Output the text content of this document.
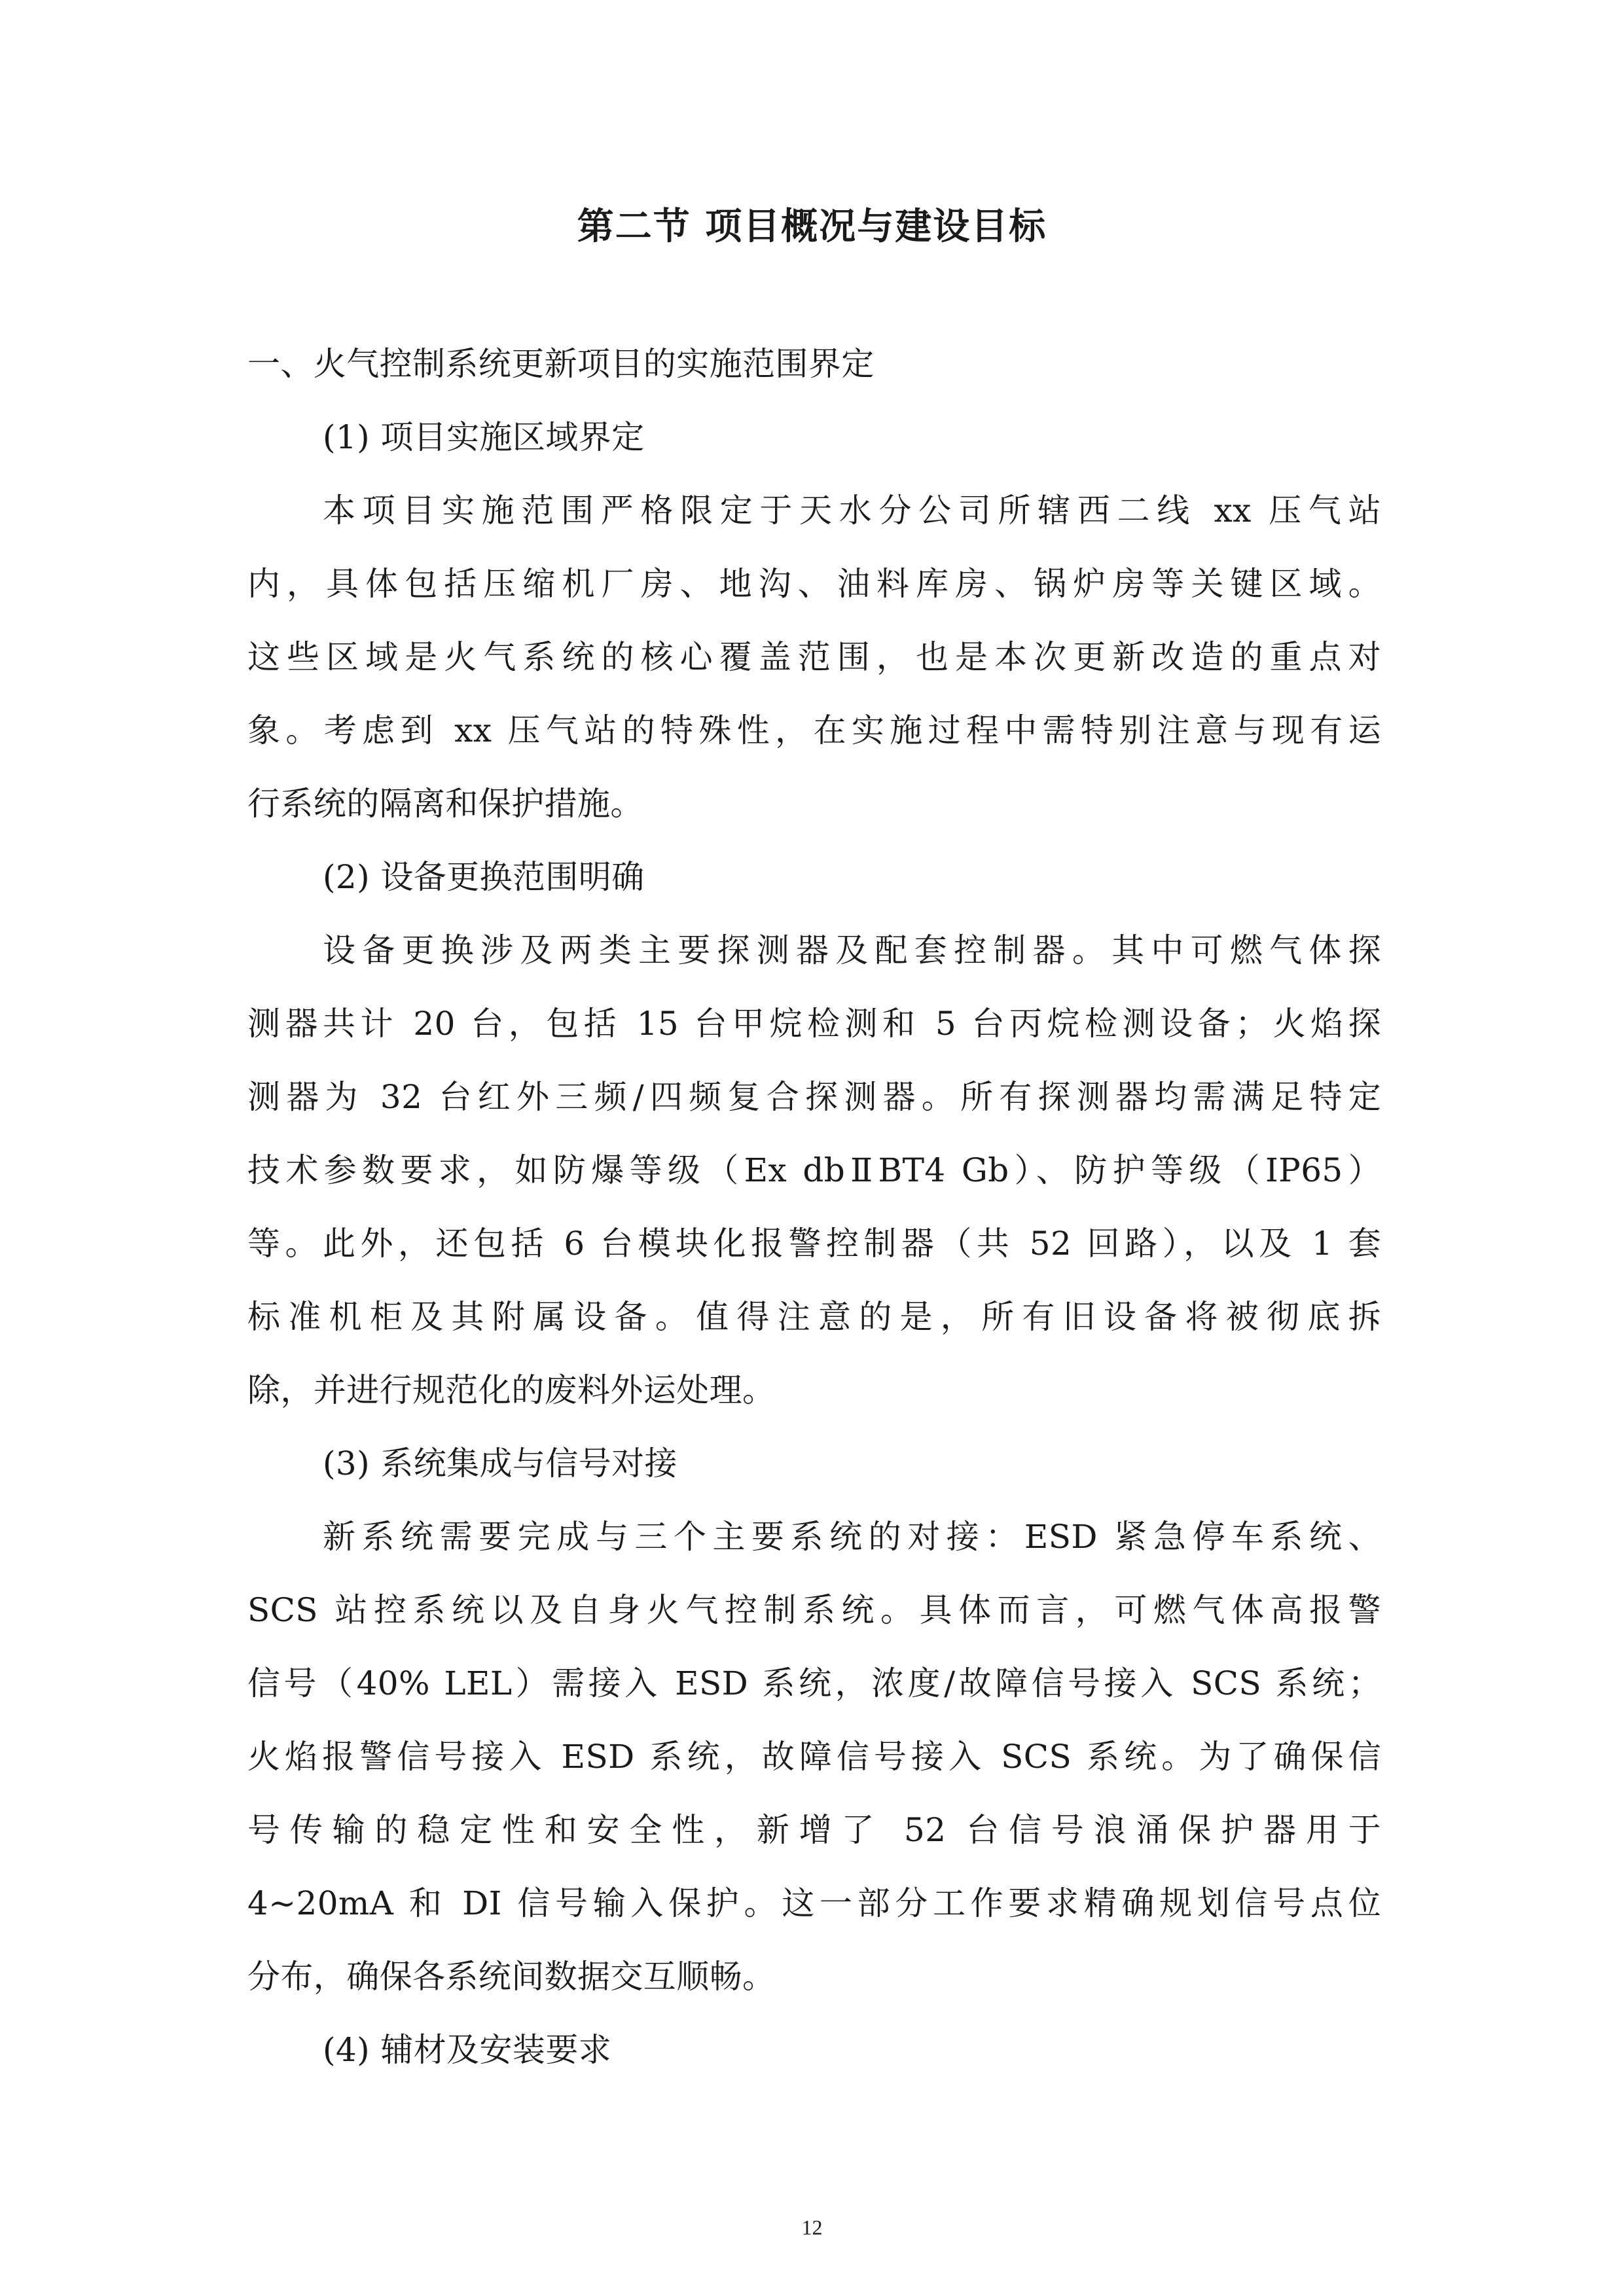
第二节 项目概况与建设目标
一、火气控制系统更新项目的实施范围界定
(1) 项目实施区域界定
本项目实施范围严格限定于天水分公司所辖西二线 xx 压气站
内，具体包括压缩机厂房、地沟、油料库房、锅炉房等关键区域。
这些区域是火气系统的核心覆盖范围，也是本次更新改造的重点对
象。考虑到 xx 压气站的特殊性，在实施过程中需特别注意与现有运
行系统的隔离和保护措施。
(2) 设备更换范围明确
设备更换涉及两类主要探测器及配套控制器。其中可燃气体探
测器共计 20 台，包括 15 台甲烷检测和 5 台丙烷检测设备；火焰探
测器为 32 台红外三频/四频复合探测器。所有探测器均需满足特定
技术参数要求，如防爆等级（Ex dbⅡBT4 Gb）、防护等级（IP65）
等。此外，还包括 6 台模块化报警控制器（共 52 回路），以及 1 套
标准机柜及其附属设备。值得注意的是，所有旧设备将被彻底拆
除，并进行规范化的废料外运处理。
(3) 系统集成与信号对接
新系统需要完成与三个主要系统的对接：ESD 紧急停车系统、
SCS 站控系统以及自身火气控制系统。具体而言，可燃气体高报警
信号（40% LEL）需接入 ESD 系统，浓度/故障信号接入 SCS 系统；
火焰报警信号接入 ESD 系统，故障信号接入 SCS 系统。为了确保信
号传输的稳定性和安全性，新增了 52 台信号浪涌保护器用于
4~20mA 和 DI 信号输入保护。这一部分工作要求精确规划信号点位
分布，确保各系统间数据交互顺畅。
(4) 辅材及安装要求
12
